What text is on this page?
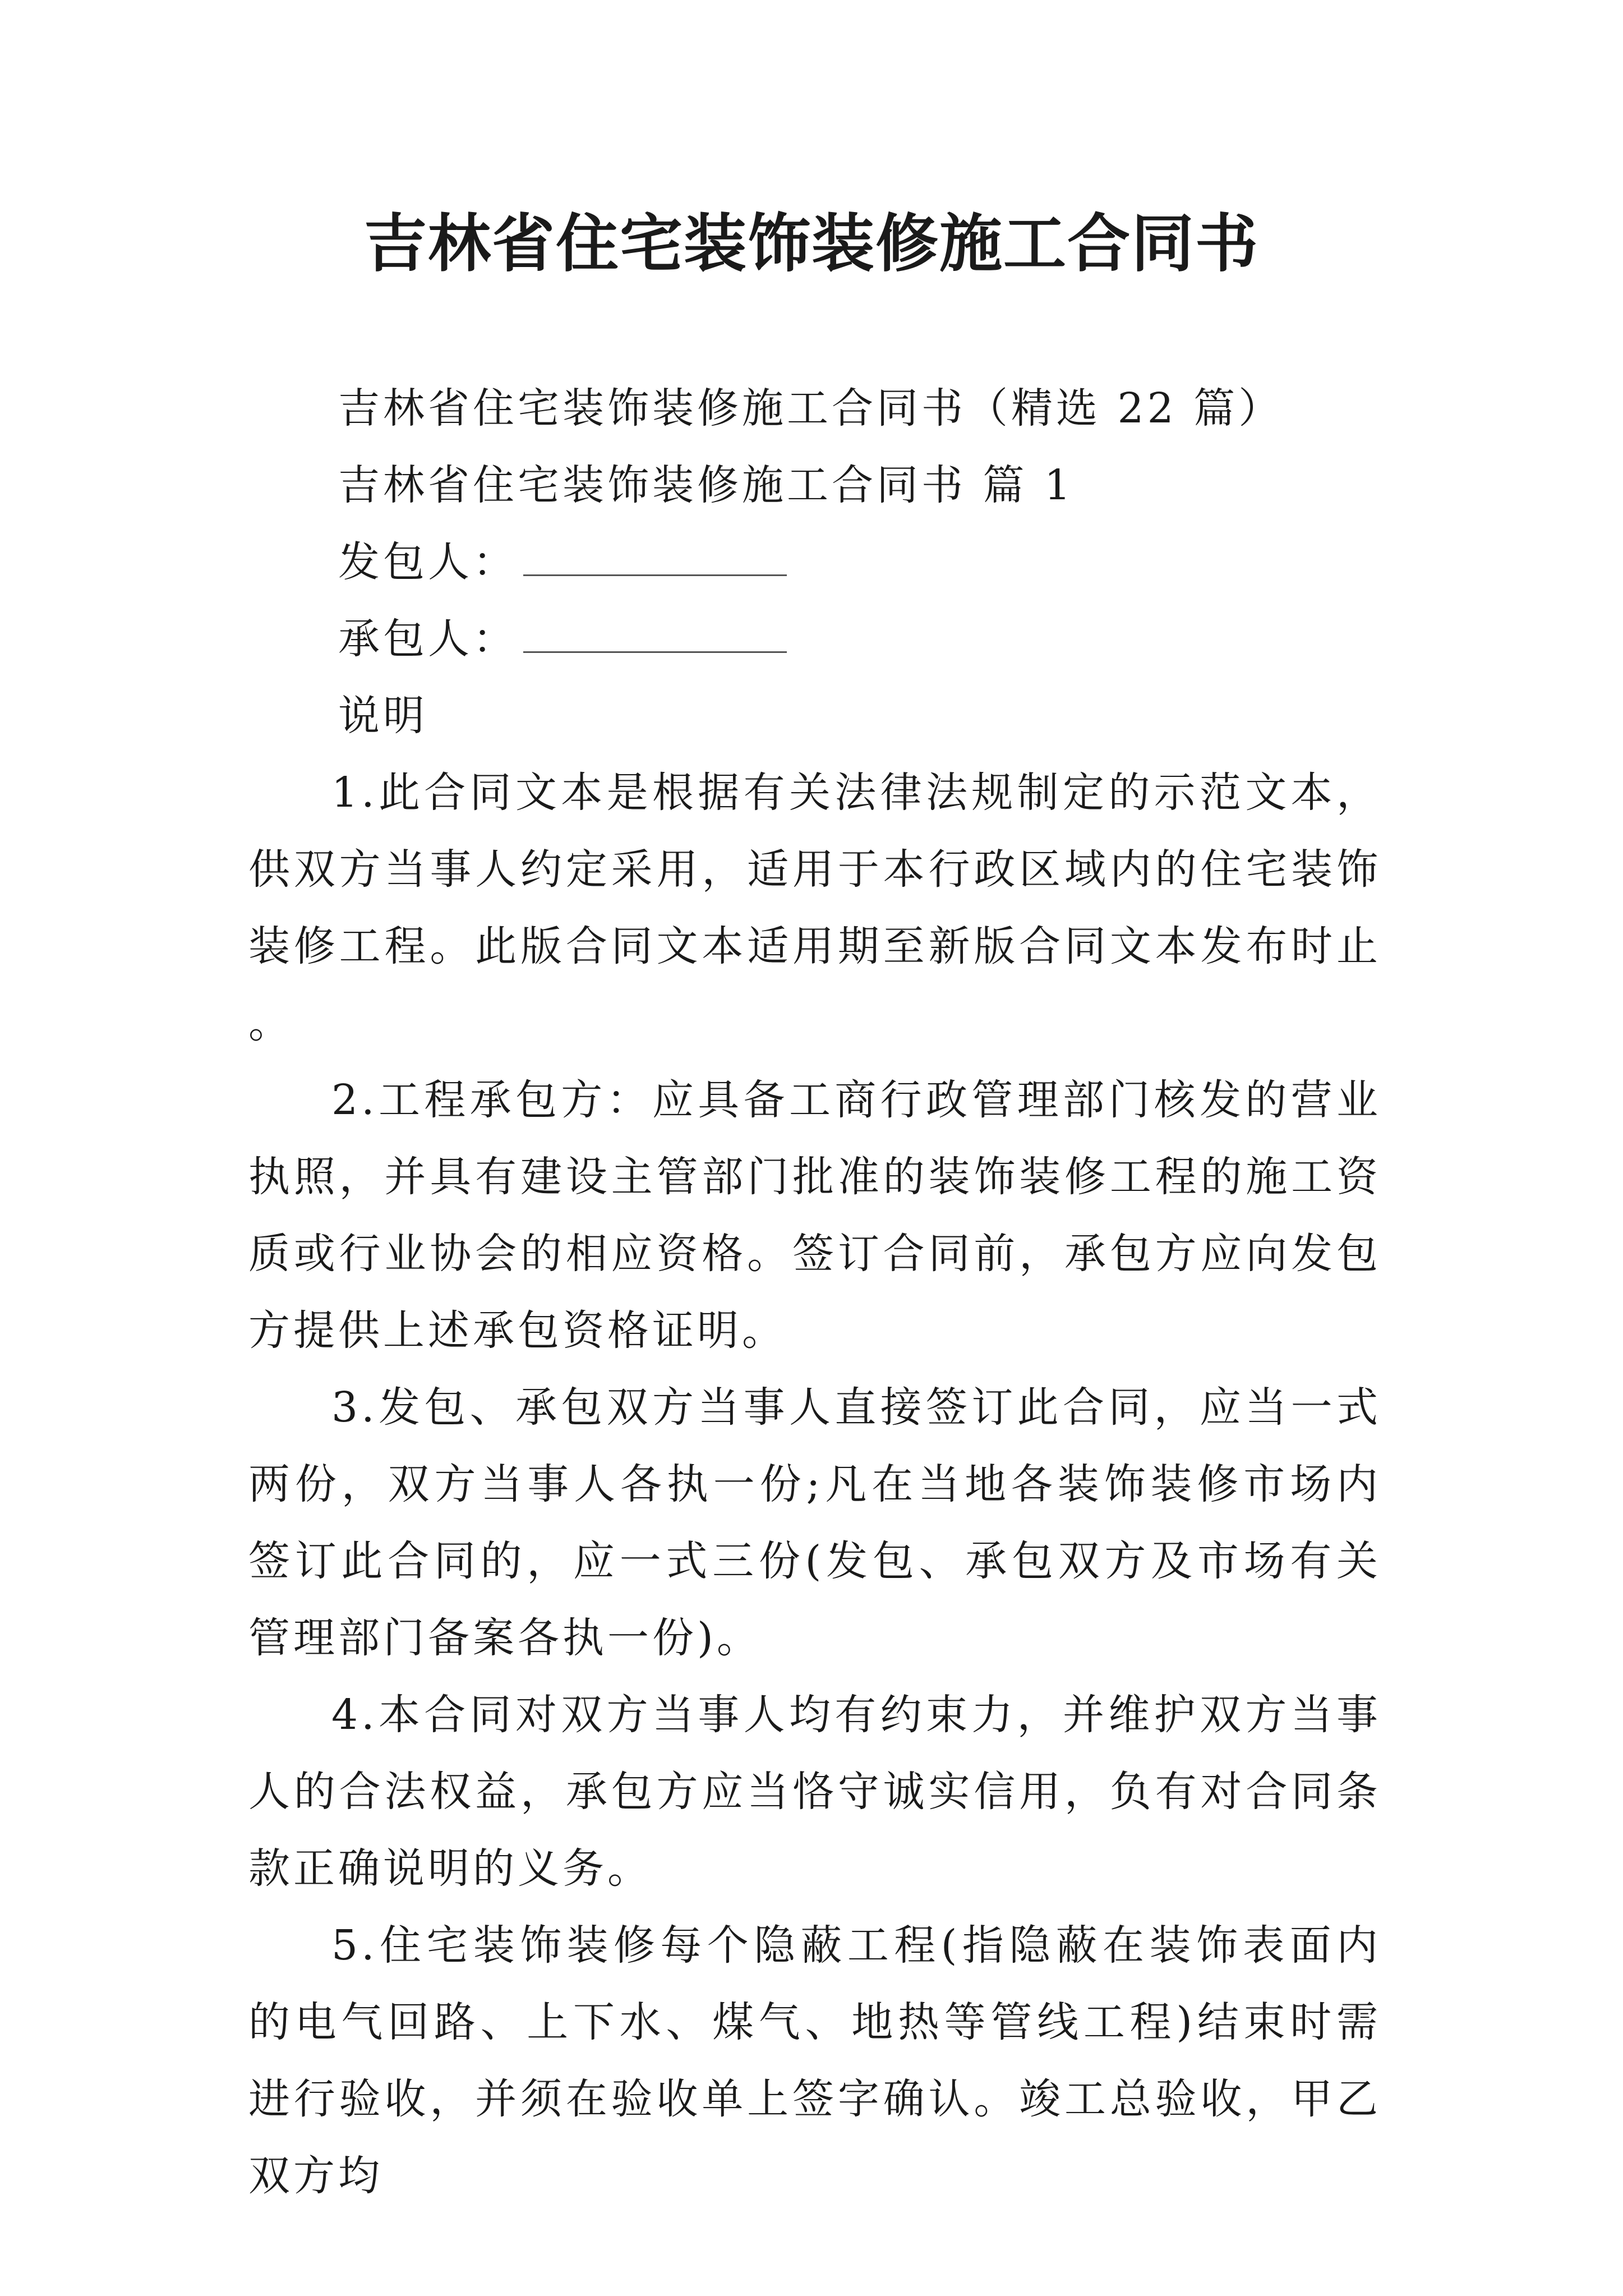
吉林省住宅装饰装修施工合同书
吉林省住宅装饰装修施工合同书（精选 22 篇）
吉林省住宅装饰装修施工合同书 篇 1
发包人：
承包人：
说明

1.此合同文本是根据有关法律法规制定的示范文本，供双方当事人约定采用，适用于本行政区域内的住宅装饰装修工程。此版合同文本适用期至新版合同文本发布时止。

2.工程承包方：应具备工商行政管理部门核发的营业执照，并具有建设主管部门批准的装饰装修工程的施工资质或行业协会的相应资格。签订合同前，承包方应向发包方提供上述承包资格证明。

3.发包、承包双方当事人直接签订此合同，应当一式两份，双方当事人各执一份;凡在当地各装饰装修市场内签订此合同的，应一式三份(发包、承包双方及市场有关管理部门备案各执一份)。

4.本合同对双方当事人均有约束力，并维护双方当事人的合法权益，承包方应当恪守诚实信用，负有对合同条款正确说明的义务。

5.住宅装饰装修每个隐蔽工程(指隐蔽在装饰表面内的电气回路、上下水、煤气、地热等管线工程)结束时需进行验收，并须在验收单上签字确认。竣工总验收，甲乙双方均
